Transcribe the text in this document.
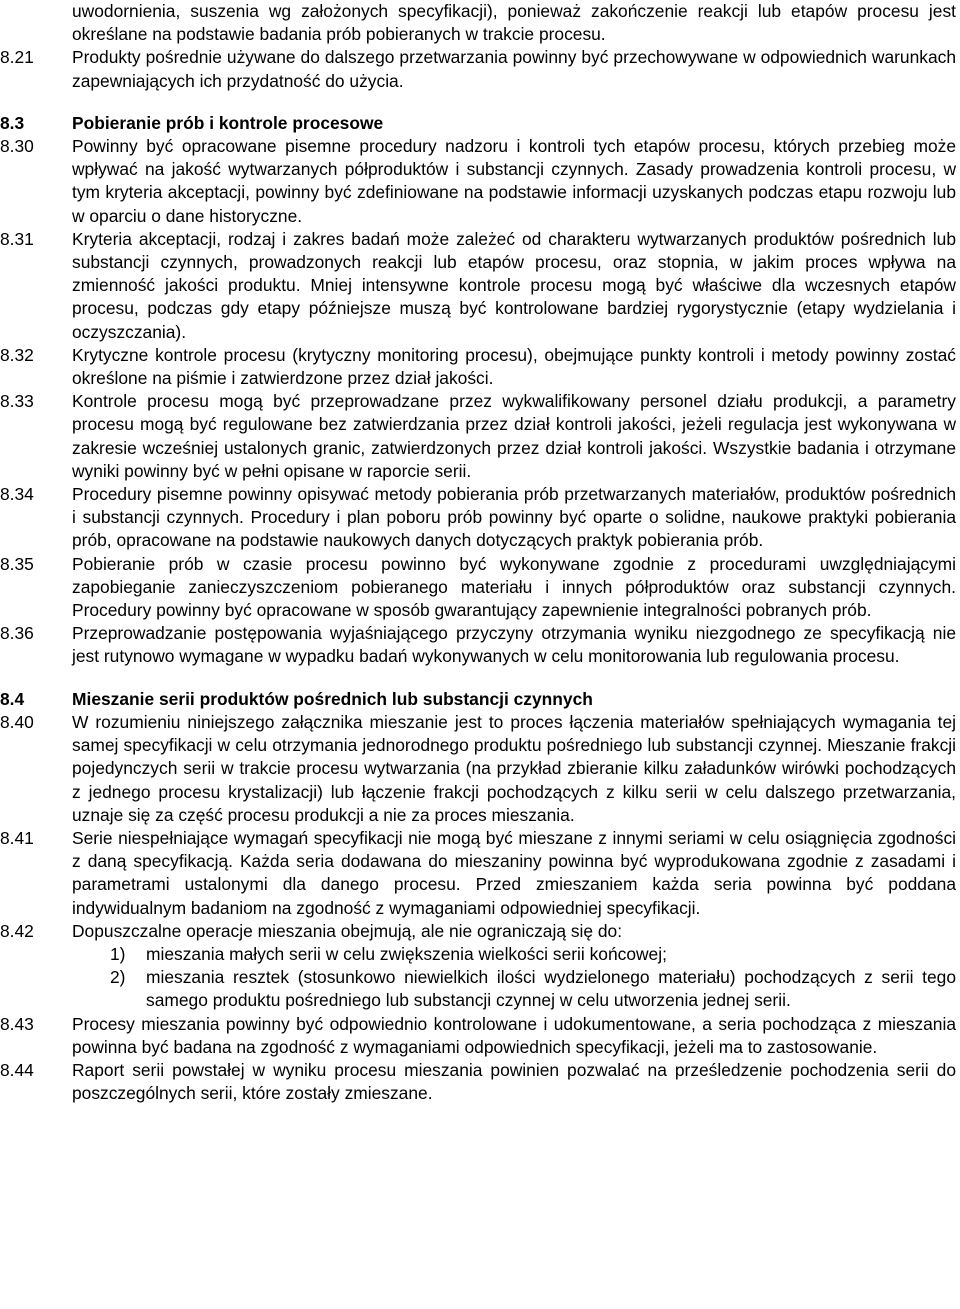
uwodornienia, suszenia wg założonych specyfikacji), ponieważ zakończenie reakcji lub etapów procesu jest określane na podstawie badania prób pobieranych w trakcie procesu.
8.21 Produkty pośrednie używane do dalszego przetwarzania powinny być przechowywane w odpowiednich warunkach zapewniających ich przydatność do użycia.
8.3	Pobieranie prób i kontrole procesowe
8.30 Powinny być opracowane pisemne procedury nadzoru i kontroli tych etapów procesu, których przebieg może wpływać na jakość wytwarzanych półproduktów i substancji czynnych. Zasady prowadzenia kontroli procesu, w tym kryteria akceptacji, powinny być zdefiniowane na podstawie informacji uzyskanych podczas etapu rozwoju lub w oparciu o dane historyczne.
8.31 Kryteria akceptacji, rodzaj i zakres badań może zależeć od charakteru wytwarzanych produktów pośrednich lub substancji czynnych, prowadzonych reakcji lub etapów procesu, oraz stopnia, w jakim proces wpływa na zmienność jakości produktu. Mniej intensywne kontrole procesu mogą być właściwe dla wczesnych etapów procesu, podczas gdy etapy późniejsze muszą być kontrolowane bardziej rygorystycznie (etapy wydzielania i oczyszczania).
8.32 Krytyczne kontrole procesu (krytyczny monitoring procesu), obejmujące punkty kontroli i metody powinny zostać określone na piśmie i zatwierdzone przez dział jakości.
8.33 Kontrole procesu mogą być przeprowadzane przez wykwalifikowany personel działu produkcji, a parametry procesu mogą być regulowane bez zatwierdzania przez dział kontroli jakości, jeżeli regulacja jest wykonywana w zakresie wcześniej ustalonych granic, zatwierdzonych przez dział kontroli jakości. Wszystkie badania i otrzymane wyniki powinny być w pełni opisane w raporcie serii.
8.34 Procedury pisemne powinny opisywać metody pobierania prób przetwarzanych materiałów, produktów pośrednich i substancji czynnych. Procedury i plan poboru prób powinny być oparte o solidne, naukowe praktyki pobierania prób, opracowane na podstawie naukowych danych dotyczących praktyk pobierania prób.
8.35 Pobieranie prób w czasie procesu powinno być wykonywane zgodnie z procedurami uwzględniającymi zapobieganie zanieczyszczeniom pobieranego materiału i innych półproduktów oraz substancji czynnych. Procedury powinny być opracowane w sposób gwarantujący zapewnienie integralności pobranych prób.
8.36 Przeprowadzanie postępowania wyjaśniającego przyczyny otrzymania wyniku niezgodnego ze specyfikacją nie jest rutynowo wymagane w wypadku badań wykonywanych w celu monitorowania lub regulowania procesu.
8.4	Mieszanie serii produktów pośrednich lub substancji czynnych
8.40 W rozumieniu niniejszego załącznika mieszanie jest to proces łączenia materiałów spełniających wymagania tej samej specyfikacji w celu otrzymania jednorodnego produktu pośredniego lub substancji czynnej. Mieszanie frakcji pojedynczych serii w trakcie procesu wytwarzania (na przykład zbieranie kilku załadunków wirówki pochodzących z jednego procesu krystalizacji) lub łączenie frakcji pochodzących z kilku serii w celu dalszego przetwarzania, uznaje się za część procesu produkcji a nie za proces mieszania.
8.41 Serie niespełniające wymagań specyfikacji nie mogą być mieszane z innymi seriami w celu osiągnięcia zgodności z daną specyfikacją. Każda seria dodawana do mieszaniny powinna być wyprodukowana zgodnie z zasadami i parametrami ustalonymi dla danego procesu. Przed zmieszaniem każda seria powinna być poddana indywidualnym badaniom na zgodność z wymaganiami odpowiedniej specyfikacji.
8.42 Dopuszczalne operacje mieszania obejmują, ale nie ograniczają się do:
1) mieszania małych serii w celu zwiększenia wielkości serii końcowej;
2) mieszania resztek (stosunkowo niewielkich ilości wydzielonego materiału) pochodzących z serii tego samego produktu pośredniego lub substancji czynnej w celu utworzenia jednej serii.
8.43 Procesy mieszania powinny być odpowiednio kontrolowane i udokumentowane, a seria pochodząca z mieszania powinna być badana na zgodność z wymaganiami odpowiednich specyfikacji, jeżeli ma to zastosowanie.
8.44 Raport serii powstałej w wyniku procesu mieszania powinien pozwalać na prześledzenie pochodzenia serii do poszczególnych serii, które zostały zmieszane.
